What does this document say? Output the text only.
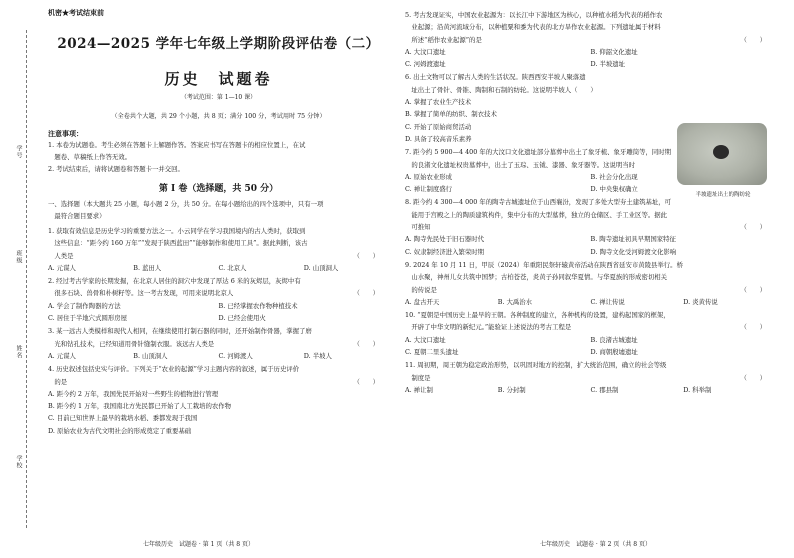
学号
班级
姓名
学校
机密★考试结束前
2024—2025 学年七年级上学期阶段评估卷（二）
历史　试题卷
（考试范围：第 1—10 课）
（全卷共个大题，共 29 个小题，共 8 页；满分 100 分，考试用时 75 分钟）
注意事项：
1. 本卷为试题卷。考生必须在答题卡上解题作答。答案应书写在答题卡的相应位置上，在试
　题卷、草稿纸上作答无效。
2. 考试结束后，请将试题卷和答题卡一并交回。
第 Ⅰ 卷（选择题，共 50 分）
一、选择题（本大题共 25 小题，每小题 2 分，共 50 分。在每小题给出的四个选项中，只有一项
　最符合题目要求）
1. 获取有效信息是历史学习的重要方法之一。小云同学在学习我国境内的古人类时，获取到
　这些信息：“距今约 160 万年”“发现于陕西蓝田”“能够制作和使用工具”。据此判断，该古
　人类是	（　　）
A. 元谋人	B. 蓝田人	C. 北京人	D. 山顶洞人
2. 经过考古学家的长期发掘，在北京人居住的洞穴中发现了厚达 6 米的灰烬层，灰烬中有
　很多石块、兽骨和朴树籽等。这一考古发现，可用来说明北京人	（　　）
A. 学会了制作陶器的方法	B. 已经掌握农作物种植技术
C. 居住于半地穴式圆形房屋	D. 已经会使用火
3. 某一远古人类模样和现代人相同，在继续使用打制石器的同时，还开始制作骨器，掌握了磨
　光和钻孔技术，已经知道用骨针缝制衣服。该远古人类是	（　　）
A. 元谋人	B. 山顶洞人	C. 河姆渡人	D. 半坡人
4. 历史叙述包括史实与评价。下列关于“农业的起源”学习主题内容的叙述，属于历史评价
　的是	（　　）
A. 距今约 2 万年，我国先民开始对一些野生的植物进行管理
B. 距今约 1 万年，我国南北方先民都已开始了人工栽培的农作物
C. 目前已知世界上最早的栽培水稻、黍都发现于我国
D. 原始农业为古代文明社会的形成奠定了重要基础
七年级历史　试题卷 · 第 1 页（共 8 页）
5. 考古发现证实，中国农业起源为：以长江中下游地区为核心，以种植水稻为代表的稻作农
　业起源；沿黄河流域分布，以种植粟和黍为代表的北方旱作农业起源。下列遗址属于材料
　所述“稻作农业起源”的是	（　　）
A. 大汶口遗址	B. 仰韶文化遗址
C. 河姆渡遗址	D. 半坡遗址
6. 出土文物可以了解古人类的生活状况。陕西西安半坡人聚落遗
　址出土了骨针、骨锥、陶制和石制的纺轮。这说明半坡人（　　）
A. 掌握了农业生产技术
B. 掌握了简单的纺织、制衣技术
C. 开始了原始商贸活动
D. 具备了较高音乐素养
7. 距今约 5 900—4 400 年的大汶口文化遗址部分墓葬中出土了象牙梳、象牙雕筒等，同时期
　的良渚文化遗址权贵墓葬中，出土了玉琮、玉钺、漆器、象牙器等。这说明当时
A. 原始农业形成	B. 社会分化出现
C. 禅让制度盛行	D. 中央集权确立
8. 距今约 4 300—4 000 年的陶寺古城遗址位于山西襄汾，发现了多处大型夯土建筑基址，可
　能用于宫殿之上的陶质建筑构件，集中分布的大型墓葬，独立的仓储区、手工业区等。据此
　可推知	（　　）
A. 陶寺先民处于旧石器时代	B. 陶寺遗址初具早期国家特征
C. 奴隶制经济进入繁荣时期	D. 陶寺文化受河姆渡文化影响
9. 2024 年 10 月 11 日，甲辰（2024）年重阳民祭轩辕黄帝活动在陕西省延安市黄陵县举行。桥
　山水聚，神州儿女共筑中国梦；古柏苍苍，炎黄子孙同叙华夏情。与华夏族的形成密切相关
　的传说是	（　　）
A. 盘古开天	B. 大禹治水	C. 禅让传说	D. 炎黄传说
10. “夏朝是中国历史上最早的王朝。各种制度的建立，各种机构的设置，建构起国家的框架，
　开辟了中华文明的新纪元。”能验证上述说法的考古工程是	（　　）
A. 大汶口遗址	B. 良渚古城遗址
C. 夏朝二里头遗址	D. 商朝殷墟遗址
11. 周初期，周王朝为稳定政治形势，以巩固对地方的控制，扩大统治范围，确立的社会等级
　制度是	（　　）
A. 禅让制	B. 分封制	C. 郡县制	D. 科举制
半坡遗址出土的陶纺轮
七年级历史　试题卷 · 第 2 页（共 8 页）
